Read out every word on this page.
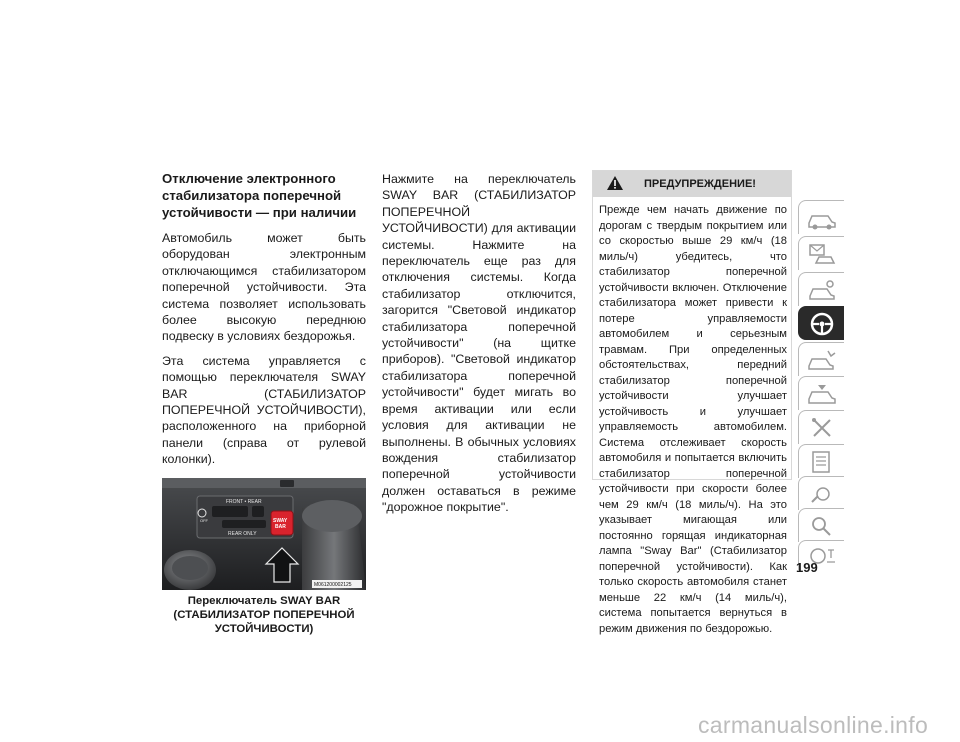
Отключение электронного стабилизатора поперечной устойчивости — при наличии

Автомобиль может быть оборудован электронным отключающимся стабилизатором поперечной устойчивости. Эта система позволяет использовать более высокую переднюю подвеску в условиях бездорожья.

Эта система управляется с помощью переключателя SWAY BAR (СТАБИЛИЗАТОР ПОПЕРЕЧНОЙ УСТОЙЧИВОСТИ), расположенного на приборной панели (справа от рулевой колонки).

FRONT • REAR
REAR ONLY
OFF	SWAY
BAR
M061200002125
Переключатель SWAY BAR (СТАБИЛИЗАТОР ПОПЕРЕЧНОЙ УСТОЙЧИВОСТИ)

Нажмите на переключатель SWAY BAR (СТАБИЛИЗАТОР ПОПЕРЕЧНОЙ УСТОЙЧИВОСТИ) для активации системы. Нажмите на переключатель еще раз для отключения системы. Когда стабилизатор отключится, загорится "Световой индикатор стабилизатора поперечной устойчивости" (на щитке приборов). "Световой индикатор стабилизатора поперечной устойчивости" будет мигать во время активации или если условия для активации не выполнены. В обычных условиях вождения стабилизатор поперечной устойчивости должен оставаться в режиме "дорожное покрытие".

ПРЕДУПРЕЖДЕНИЕ!
Прежде чем начать движение по дорогам с твердым покрытием или со скоростью выше 29 км/ч (18 миль/ч) убедитесь, что стабилизатор поперечной устойчивости включен. Отключение стабилизатора может привести к потере управляемости автомобилем и серьезным травмам. При определенных обстоятельствах, передний стабилизатор поперечной устойчивости улучшает устойчивость и улучшает управляемость автомобилем. Система отслеживает скорость автомобиля и попытается включить стабилизатор поперечной устойчивости при скорости более чем 29 км/ч (18 миль/ч). На это указывает мигающая или постоянно горящая индикаторная лампа "Sway Bar" (Стабилизатор поперечной устойчивости). Как только скорость автомобиля станет меньше 22 км/ч (14 миль/ч), система попытается вернуться в режим движения по бездорожью.
199
carmanualsonline.info
